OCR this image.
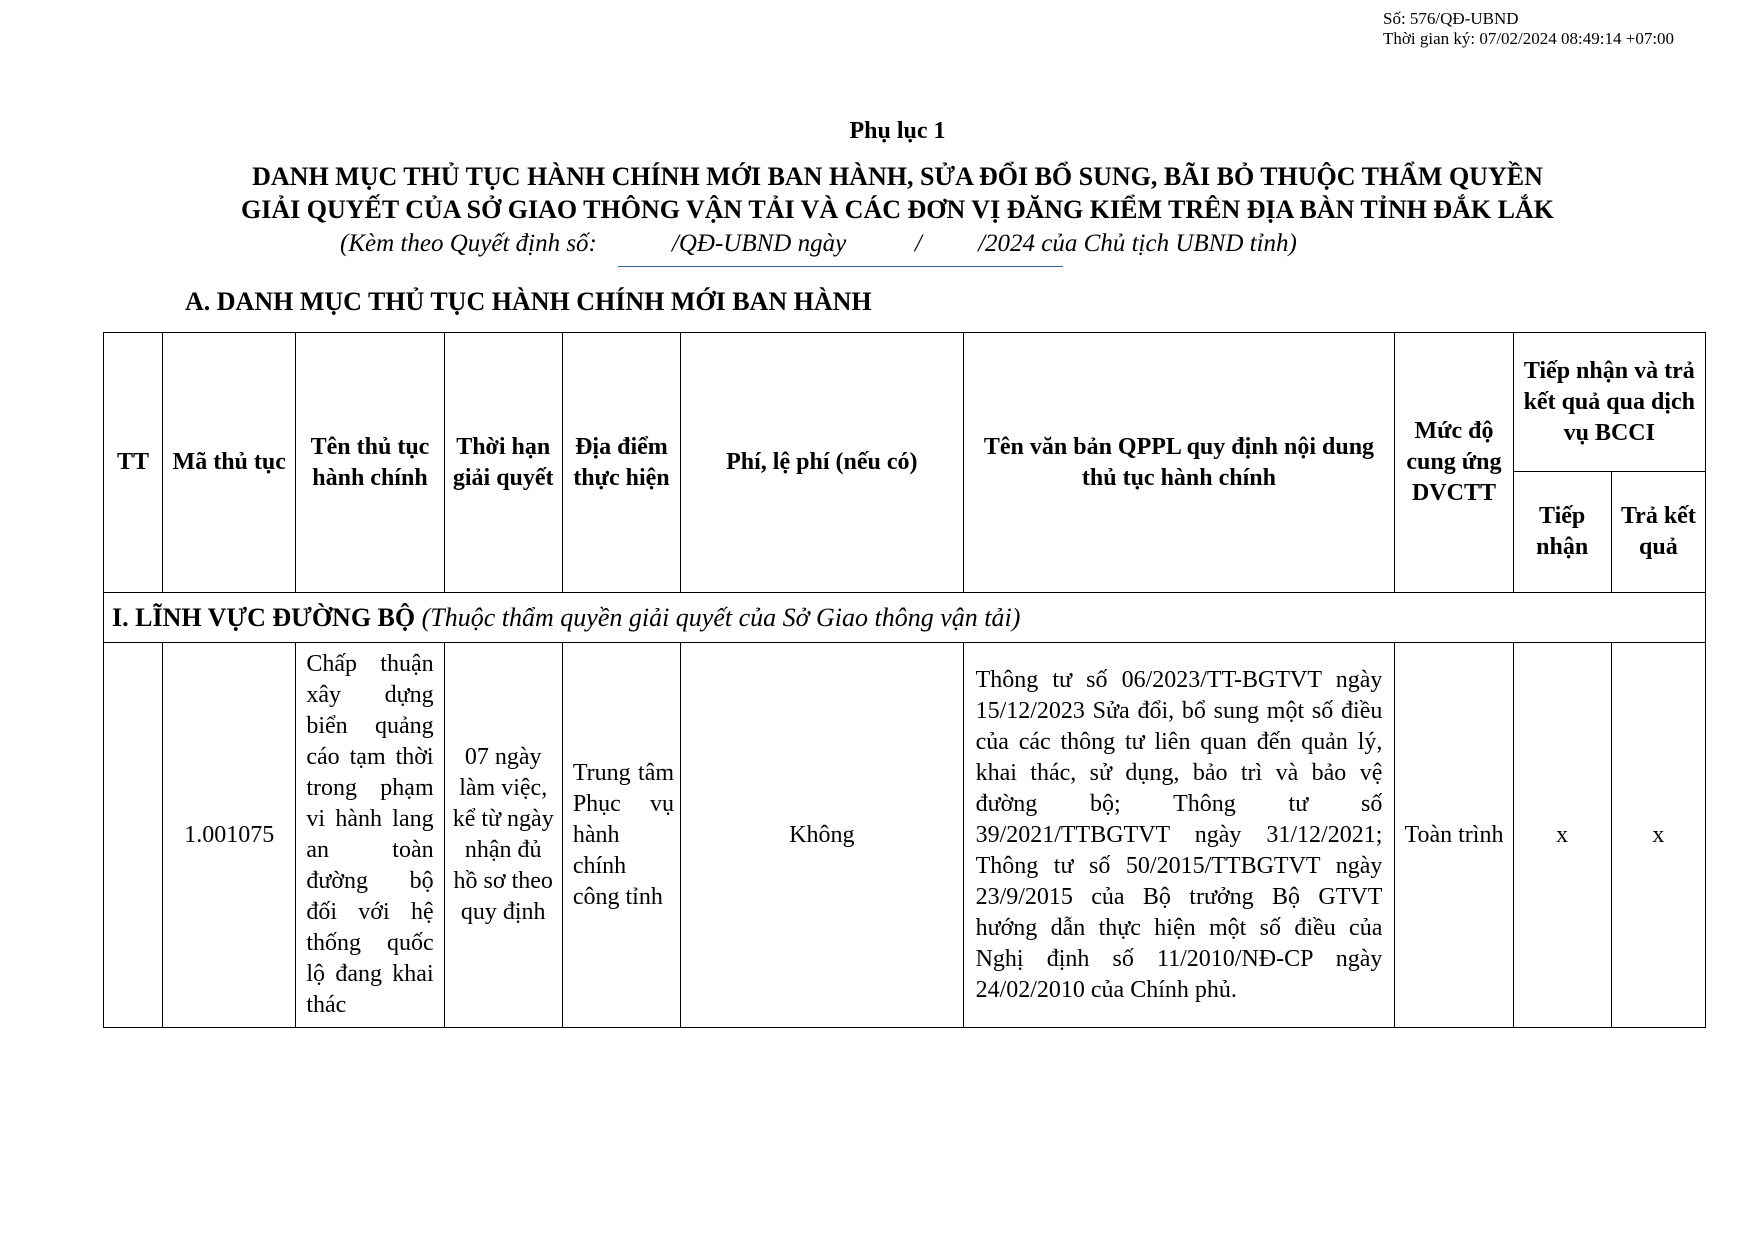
Số: 576/QĐ-UBND
Thời gian ký: 07/02/2024 08:49:14 +07:00
Phụ lục 1
DANH MỤC THỦ TỤC HÀNH CHÍNH MỚI BAN HÀNH, SỬA ĐỔI BỔ SUNG, BÃI BỎ THUỘC THẨM QUYỀN
GIẢI QUYẾT CỦA SỞ GIAO THÔNG VẬN TẢI VÀ CÁC ĐƠN VỊ ĐĂNG KIỂM TRÊN ĐỊA BÀN TỈNH ĐẮK LẮK
(Kèm theo Quyết định số:            /QĐ-UBND ngày           /         /2024 của Chủ tịch UBND tỉnh)
A. DANH MỤC THỦ TỤC HÀNH CHÍNH MỚI BAN HÀNH
TT	Mã thủ tục	Tên thủ tục hành chính	Thời hạn giải quyết	Địa điểm thực hiện	Phí, lệ phí (nếu có)	Tên văn bản QPPL quy định nội dung thủ tục hành chính	Mức độ cung ứng DVCTT	Tiếp nhận và trả kết quả qua dịch vụ BCCI	
								Tiếp nhận	Trả kết quả
I. LĨNH VỰC ĐƯỜNG BỘ (Thuộc thẩm quyền giải quyết của Sở Giao thông vận tải)									
	1.001075	Chấp thuận xây dựng biển quảng cáo tạm thời trong phạm vi hành lang an toàn đường bộ đối với hệ thống quốc lộ đang khai thác	07 ngày làm việc, kể từ ngày nhận đủ hồ sơ theo quy định	Trung tâm Phục vụ hành chính công tỉnh	Không	Thông tư số 06/2023/TT-BGTVT ngày 15/12/2023 Sửa đổi, bổ sung một số điều của các thông tư liên quan đến quản lý, khai thác, sử dụng, bảo trì và bảo vệ đường bộ; Thông tư số 39/2021/TTBGTVT ngày 31/12/2021; Thông tư số 50/2015/TTBGTVT ngày 23/9/2015 của Bộ trưởng Bộ GTVT hướng dẫn thực hiện một số điều của Nghị định số 11/2010/NĐ-CP ngày 24/02/2010 của Chính phủ.	Toàn trình	x	x
